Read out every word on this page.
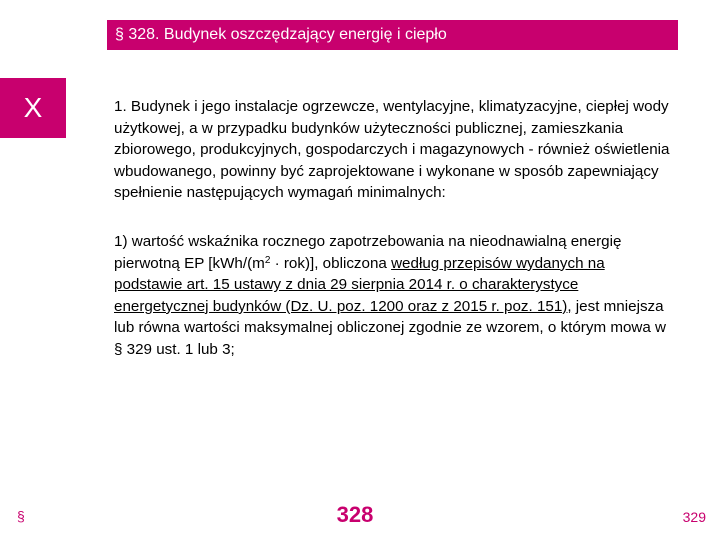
§ 328. Budynek oszczędzający energię i ciepło
X	1. Budynek i jego instalacje ogrzewcze, wentylacyjne, klimatyzacyjne, ciepłej wody użytkowej, a w przypadku budynków użyteczności publicznej, zamieszkania zbiorowego, produkcyjnych, gospodarczych i magazynowych - również oświetlenia wbudowanego, powinny być zaprojektowane i wykonane w sposób zapewniający spełnienie następujących wymagań minimalnych:

1) wartość wskaźnika rocznego zapotrzebowania na nieodnawialną energię pierwotną EP $[kWh/(m^2 \cdot rok)]$, obliczona według przepisów wydanych na podstawie art. 15 ustawy z dnia 29 sierpnia 2014 r. o charakterystyce energetycznej budynków (Dz. U. poz. 1200 oraz z 2015 r. poz. 151), jest mniejsza lub równa wartości maksymalnej obliczonej zgodnie ze wzorem, o którym mowa w § 329 ust. 1 lub 3;

§	328	329
